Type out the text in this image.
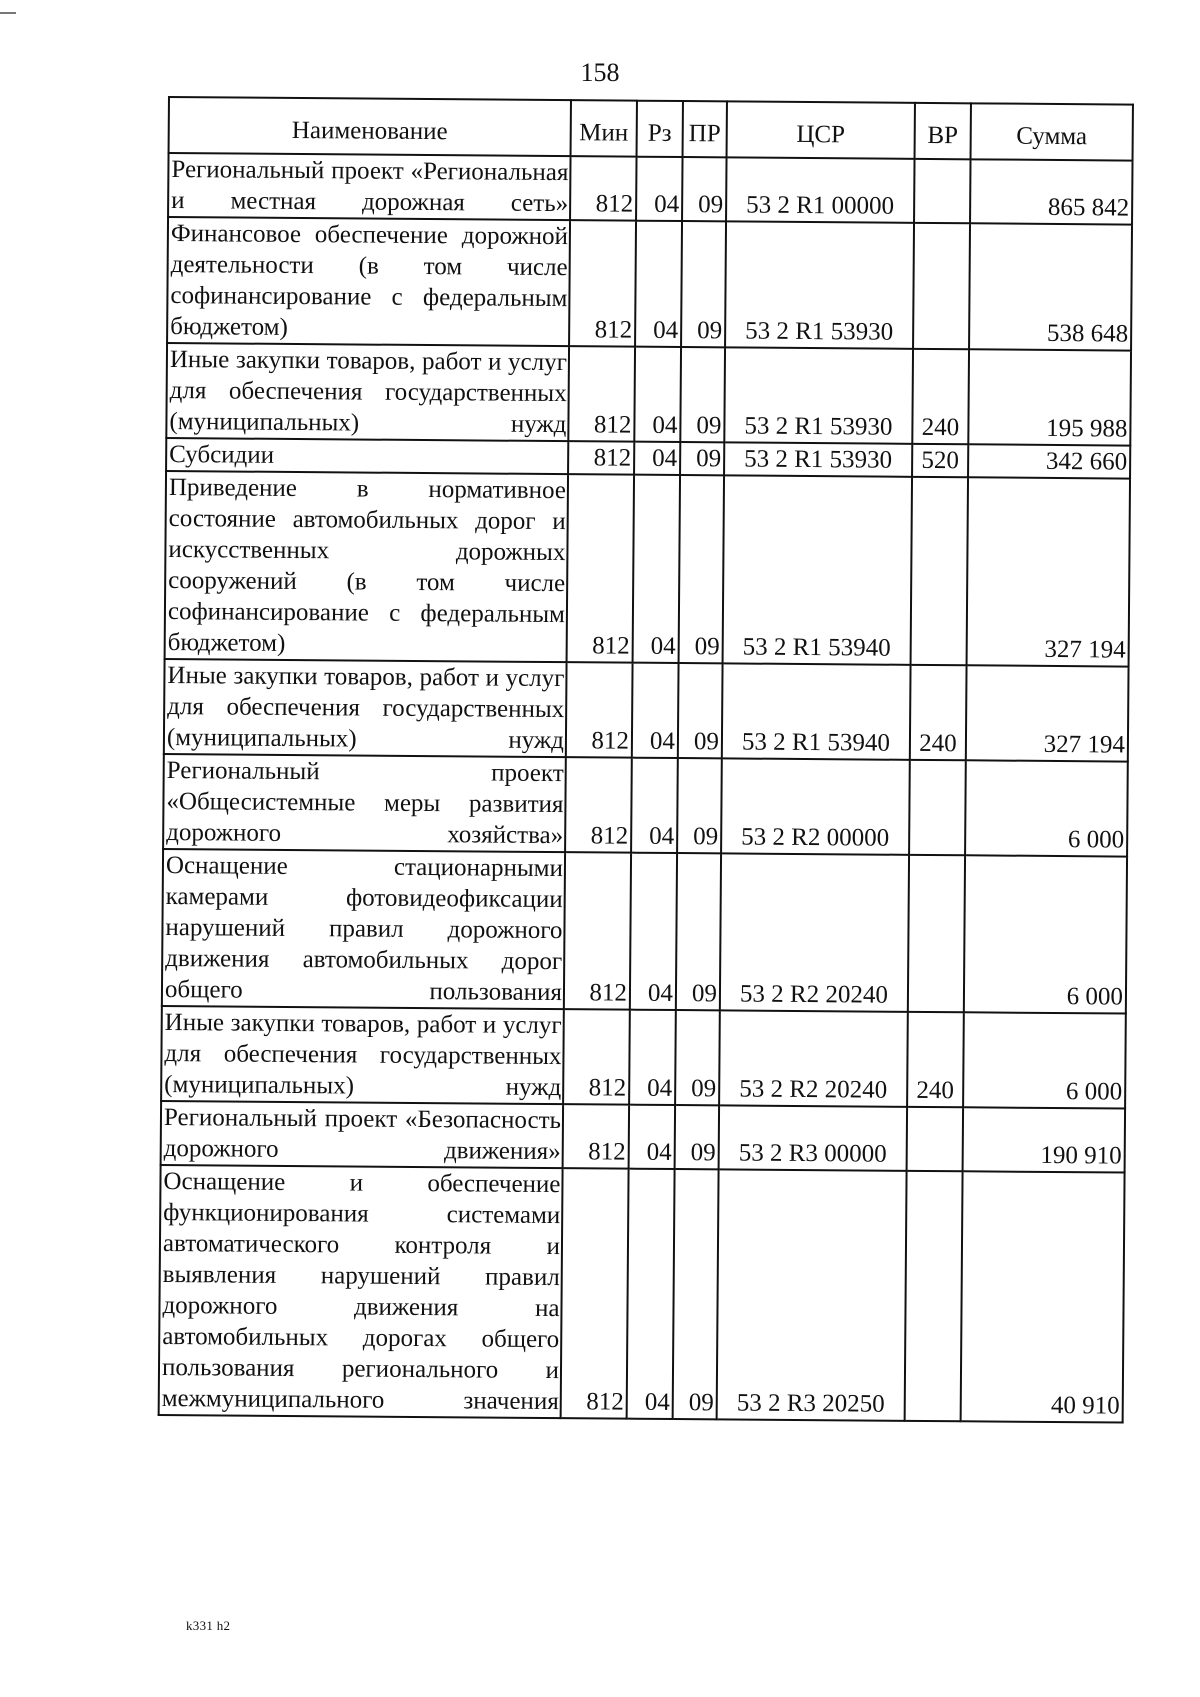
158
Наименование	Мин	Рз	ПР	ЦСР	ВР	Сумма
Региональный проект «Региональная и местная дорожная сеть»	812	04	09	53 2 R1 00000		865 842
Финансовое обеспечение дорожной деятельности (в том числе софинансирование с федеральным бюджетом)	812	04	09	53 2 R1 53930		538 648
Иные закупки товаров, работ и услуг для обеспечения государственных (муниципальных) нужд	812	04	09	53 2 R1 53930	240	195 988
Субсидии	812	04	09	53 2 R1 53930	520	342 660
Приведение в нормативное состояние автомобильных дорог и искусственных дорожных сооружений (в том числе софинансирование с федеральным бюджетом)	812	04	09	53 2 R1 53940		327 194
Иные закупки товаров, работ и услуг для обеспечения государственных (муниципальных) нужд	812	04	09	53 2 R1 53940	240	327 194
Региональный проект «Общесистемные меры развития дорожного хозяйства»	812	04	09	53 2 R2 00000		6 000
Оснащение стационарными камерами фотовидеофиксации нарушений правил дорожного движения автомобильных дорог общего пользования	812	04	09	53 2 R2 20240		6 000
Иные закупки товаров, работ и услуг для обеспечения государственных (муниципальных) нужд	812	04	09	53 2 R2 20240	240	6 000
Региональный проект «Безопасность дорожного движения»	812	04	09	53 2 R3 00000		190 910
Оснащение и обеспечение функционирования системами автоматического контроля и выявления нарушений правил дорожного движения на автомобильных дорогах общего пользования регионального и межмуниципального значения	812	04	09	53 2 R3 20250		40 910
k331 h2
